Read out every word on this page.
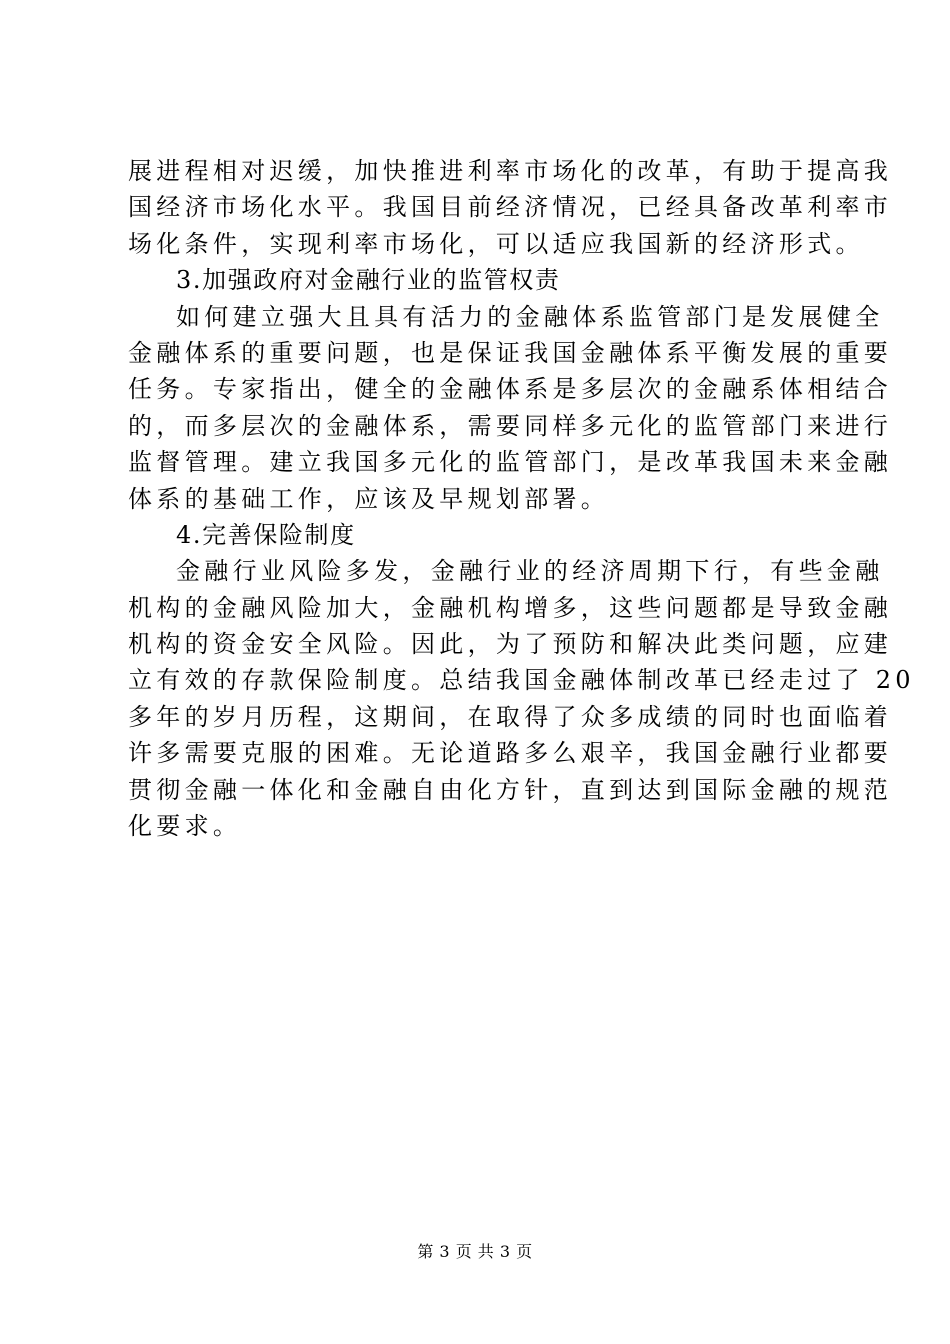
展进程相对迟缓，加快推进利率市场化的改革，有助于提高我
国经济市场化水平。我国目前经济情况，已经具备改革利率市
场化条件，实现利率市场化，可以适应我国新的经济形式。
3.加强政府对金融行业的监管权责
如何建立强大且具有活力的金融体系监管部门是发展健全
金融体系的重要问题，也是保证我国金融体系平衡发展的重要
任务。专家指出，健全的金融体系是多层次的金融系体相结合
的，而多层次的金融体系，需要同样多元化的监管部门来进行
监督管理。建立我国多元化的监管部门，是改革我国未来金融
体系的基础工作，应该及早规划部署。
4.完善保险制度
金融行业风险多发，金融行业的经济周期下行，有些金融
机构的金融风险加大，金融机构增多，这些问题都是导致金融
机构的资金安全风险。因此，为了预防和解决此类问题，应建
立有效的存款保险制度。总结我国金融体制改革已经走过了 20
多年的岁月历程，这期间，在取得了众多成绩的同时也面临着
许多需要克服的困难。无论道路多么艰辛，我国金融行业都要
贯彻金融一体化和金融自由化方针，直到达到国际金融的规范
化要求。
第 3 页 共 3 页
